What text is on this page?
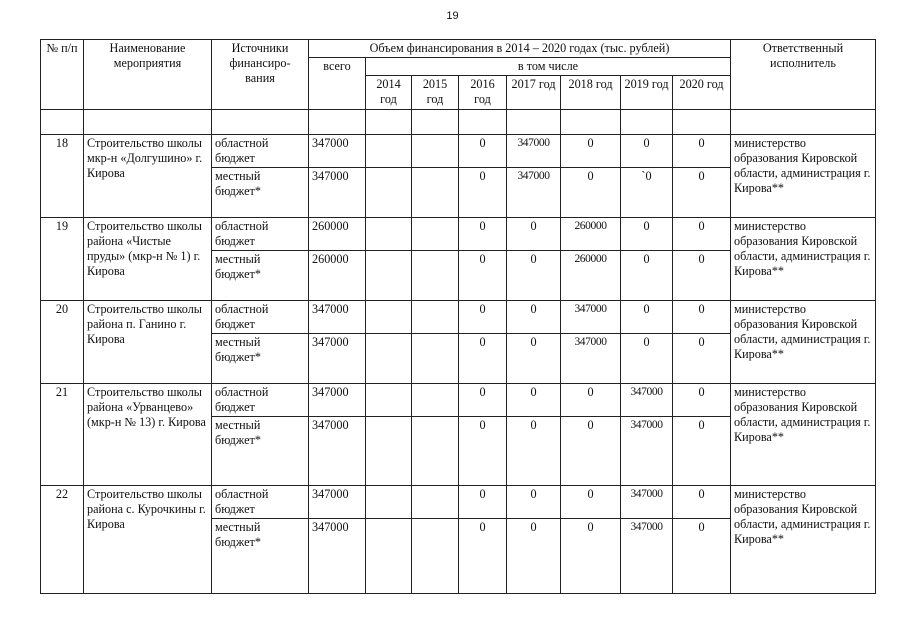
19
№ п/п	Наименование мероприятия	Источники финансиро-вания	Объем финансирования в 2014 – 2020 годах (тыс. рублей)								Ответственный исполнитель
			всего	в том числе							
				2014 год	2015 год	2016 год	2017 год	2018 год	2019 год	2020 год	

18	Строительство школы мкр-н «Долгушино» г. Кирова	областной бюджет	347000			0	347000	0	0	0	министерство образования Кировской области, администрация г. Кирова**
		местный бюджет*	347000			0	347000	0	`0	0	
19	Строительство школы района «Чистые пруды» (мкр-н № 1) г. Кирова	областной бюджет	260000			0	0	260000	0	0	министерство образования Кировской области, администрация г. Кирова**
		местный бюджет*	260000			0	0	260000	0	0	
20	Строительство школы района п. Ганино г. Кирова	областной бюджет	347000			0	0	347000	0	0	министерство образования Кировской области, администрация г. Кирова**
		местный бюджет*	347000			0	0	347000	0	0	
21	Строительство школы района «Урванцево» (мкр-н № 13) г. Кирова	областной бюджет	347000			0	0	0	347000	0	министерство образования Кировской области, администрация г. Кирова**
		местный бюджет*	347000			0	0	0	347000	0	
22	Строительство школы района с. Курочкины г. Кирова	областной бюджет	347000			0	0	0	347000	0	министерство образования Кировской области, администрация г. Кирова**
		местный бюджет*	347000			0	0	0	347000	0	
